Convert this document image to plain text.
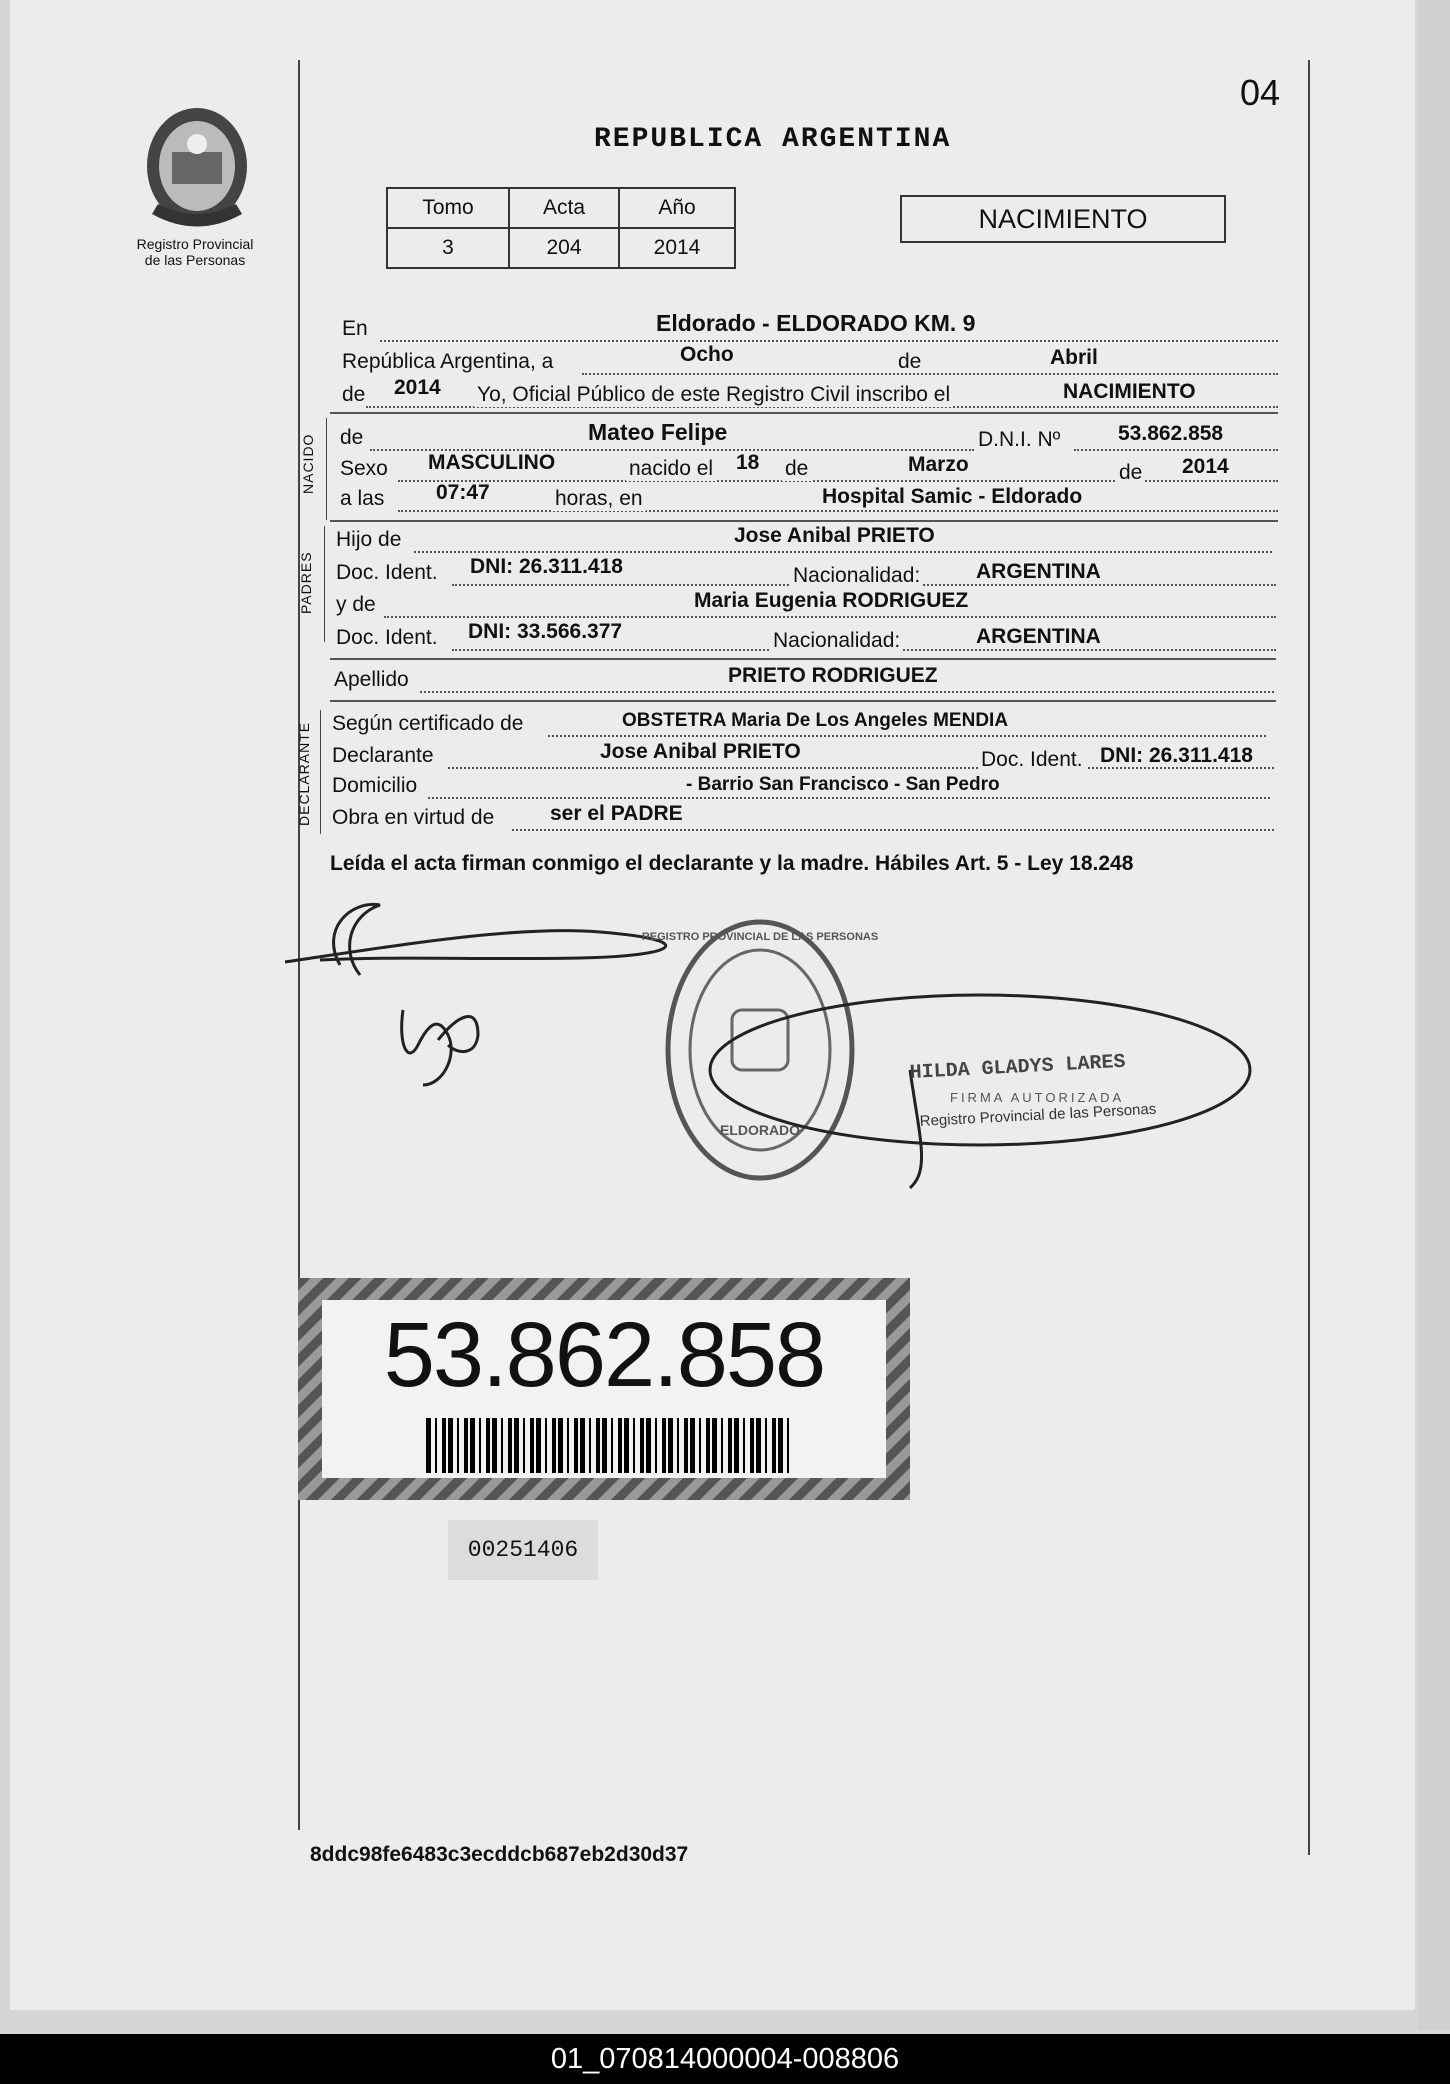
04
Registro Provincial
de las Personas
REPUBLICA ARGENTINA
Tomo	Acta	Año
3	204	2014
NACIMIENTO
En	Eldorado - ELDORADO KM. 9
República Argentina, a	Ocho	de	Abril
de 2014 Yo, Oficial Público de este Registro Civil inscribo el	NACIMIENTO
NACIDO de	Mateo Felipe	D.N.I. Nº	53.862.858
Sexo MASCULINO	nacido el 18 de	Marzo	de 2014
a las 07:47	horas, en	Hospital Samic - Eldorado
PADRES
Hijo de	Jose Anibal PRIETO
Doc. Ident. DNI: 26.311.418	Nacionalidad:	ARGENTINA
y de	Maria Eugenia RODRIGUEZ
Doc. Ident. DNI: 33.566.377	Nacionalidad:	ARGENTINA
Apellido	PRIETO RODRIGUEZ
DECLARANTE Según certificado de	OBSTETRA Maria De Los Angeles MENDIA
Declarante	Jose Anibal PRIETO	Doc. Ident. DNI: 26.311.418
Domicilio	- Barrio San Francisco - San Pedro
Obra en virtud de	ser el PADRE
Leída el acta firman conmigo el declarante y la madre. Hábiles Art. 5 - Ley 18.248
ELDORADO
REGISTRO PROVINCIAL DE LAS PERSONAS
HILDA GLADYS LARES
FIRMA AUTORIZADA
Registro Provincial de las Personas
53.862.858
00251406
8ddc98fe6483c3ecddcb687eb2d30d37
01_070814000004-008806
